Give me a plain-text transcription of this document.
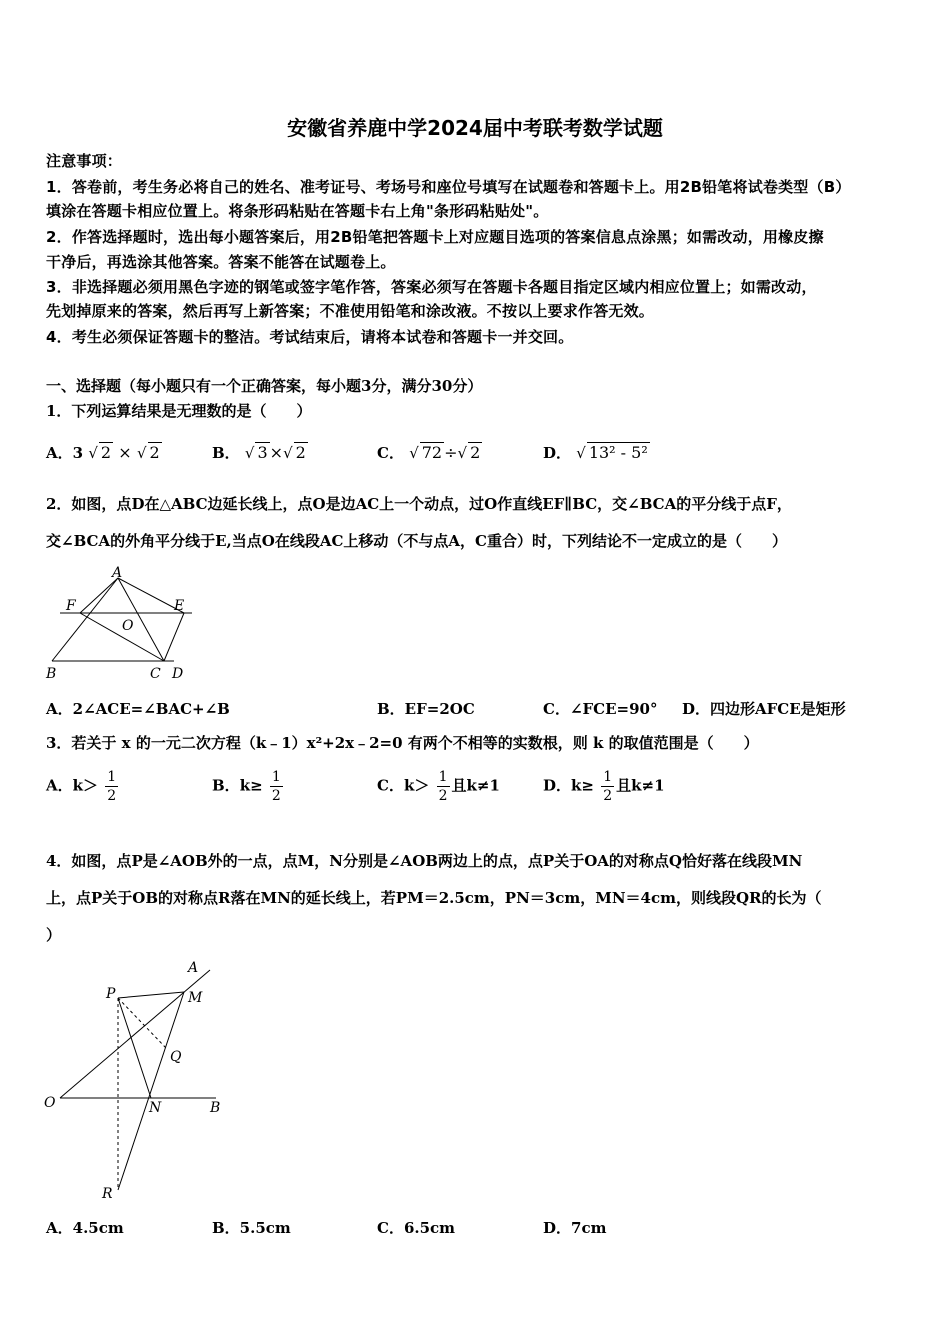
安徽省养鹿中学2024届中考联考数学试题
注意事项：
1．答卷前，考生务必将自己的姓名、准考证号、考场号和座位号填写在试题卷和答题卡上。用2B铅笔将试卷类型（B）
填涂在答题卡相应位置上。将条形码粘贴在答题卡右上角"条形码粘贴处"。
2．作答选择题时，选出每小题答案后，用2B铅笔把答题卡上对应题目选项的答案信息点涂黑；如需改动，用橡皮擦
干净后，再选涂其他答案。答案不能答在试题卷上。
3．非选择题必须用黑色字迹的钢笔或签字笔作答，答案必须写在答题卡各题目指定区域内相应位置上；如需改动，
先划掉原来的答案，然后再写上新答案；不准使用铅笔和涂改液。不按以上要求作答无效。
4．考生必须保证答题卡的整洁。考试结束后，请将本试卷和答题卡一并交回。
一、选择题（每小题只有一个正确答案，每小题3分，满分30分）
1．下列运算结果是无理数的是（　　）
A．3 √ 2 × √ 2	B． √ 3 ×√ 2	C． √ 72 ÷√ 2	D． √ 13² - 5²
2．如图，点D在△ABC边延长线上，点O是边AC上一个动点，过O作直线EF∥BC，交∠BCA的平分线于点F，
交∠BCA的外角平分线于E,当点O在线段AC上移动（不与点A，C重合）时，下列结论不一定成立的是（　　）
A
F	E
O
B	C D
A．2∠ACE=∠BAC+∠B	B．EF=2OC	C．∠FCE=90° D．四边形AFCE是矩形
3．若关于 x 的一元二次方程（k﹣1）x²+2x﹣2=0 有两个不相等的实数根，则 k 的取值范围是（　　）
A．$k> \frac{1}{2}$	B．$k\ge \frac{1}{2}$	C．$k> \frac{1}{2}$ 且k≠1	D．$k\ge \frac{1}{2}$ 且k≠1
4．如图，点P是∠AOB外的一点，点M，N分别是∠AOB两边上的点，点P关于OA的对称点Q恰好落在线段MN
上，点P关于OB的对称点R落在MN的延长线上，若PM＝2.5cm，PN＝3cm，MN＝4cm，则线段QR的长为（
）
A
P	M
Q
O	N	B
R
A．4.5cm	B．5.5cm	C．6.5cm	D．7cm
